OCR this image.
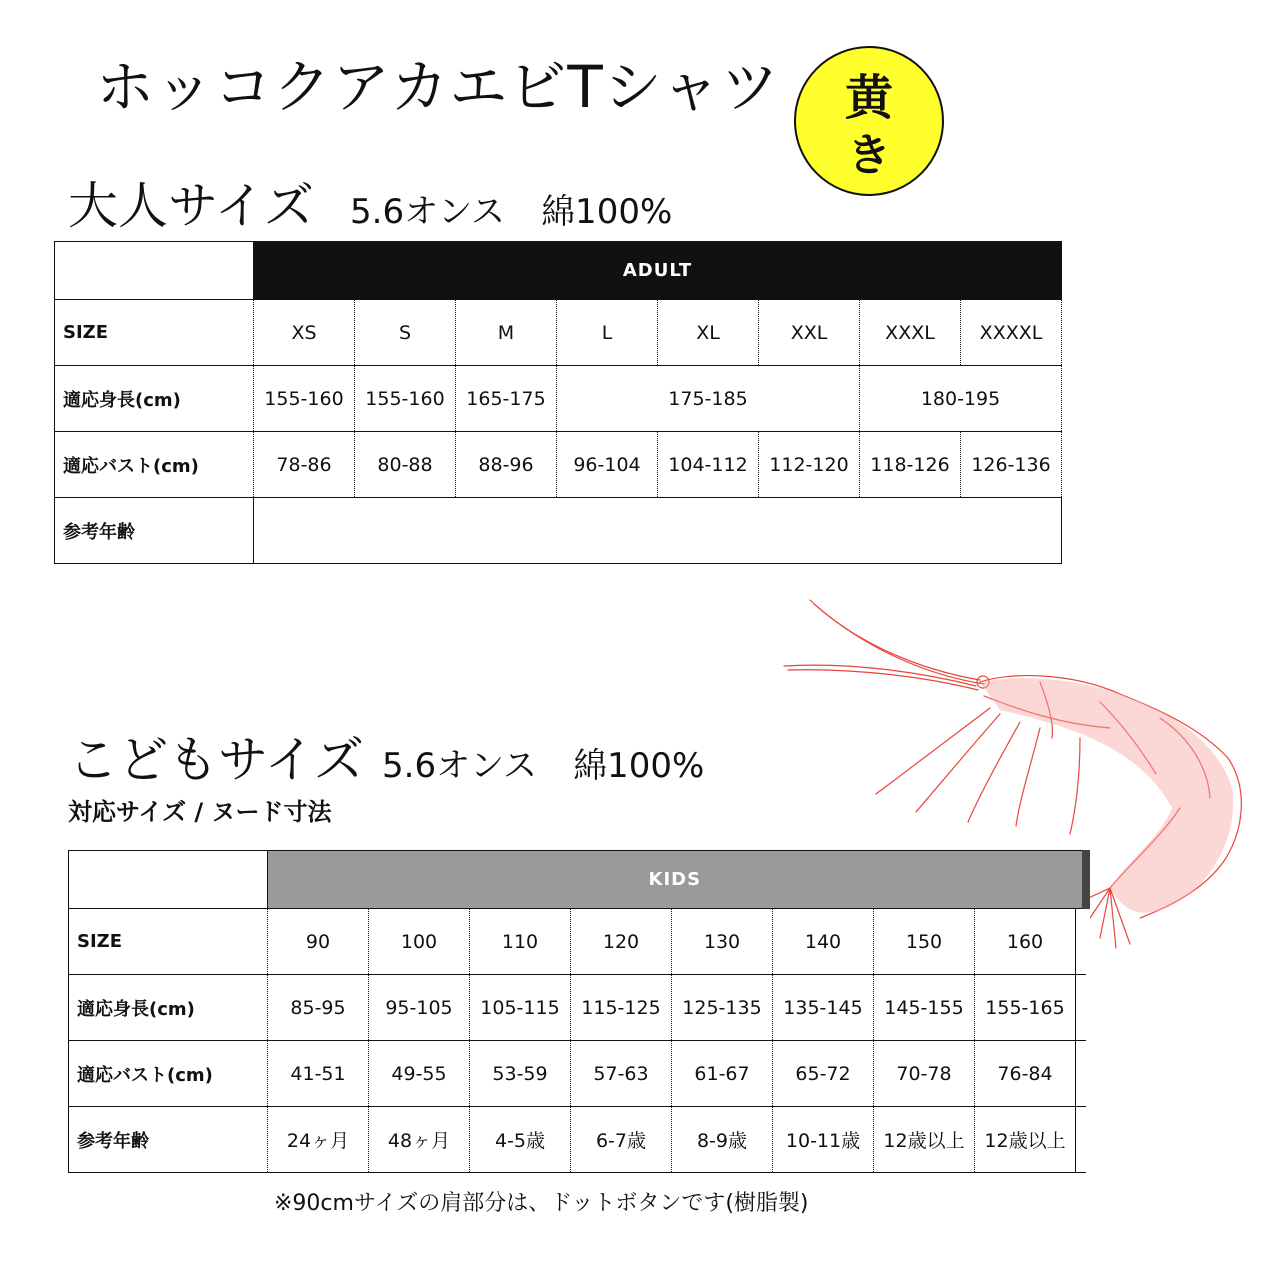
ホッコクアカエビTシャツ 黄
き
大人サイズ 5.6オンス 綿100%
	ADULT							
SIZE	XS	S	M	L	XL	XXL	XXXL	XXXXL
適応身長(cm)	155-160	155-160	165-175	175-185			180-195	
適応バスト(cm)	78-86	80-88	88-96	96-104	104-112	112-120	118-126	126-136
参考年齢								
こどもサイズ 5.6オンス 綿100%
対応サイズ / ヌード寸法
	KIDS								
SIZE	90	100	110	120	130	140	150	160	
適応身長(cm)	85-95	95-105	105-115	115-125	125-135	135-145	145-155	155-165	
適応バスト(cm)	41-51	49-55	53-59	57-63	61-67	65-72	70-78	76-84	
参考年齢	24ヶ月	48ヶ月	4-5歳	6-7歳	8-9歳	10-11歳	12歳以上	12歳以上	
※90cmサイズの肩部分は、ドットボタンです(樹脂製)
